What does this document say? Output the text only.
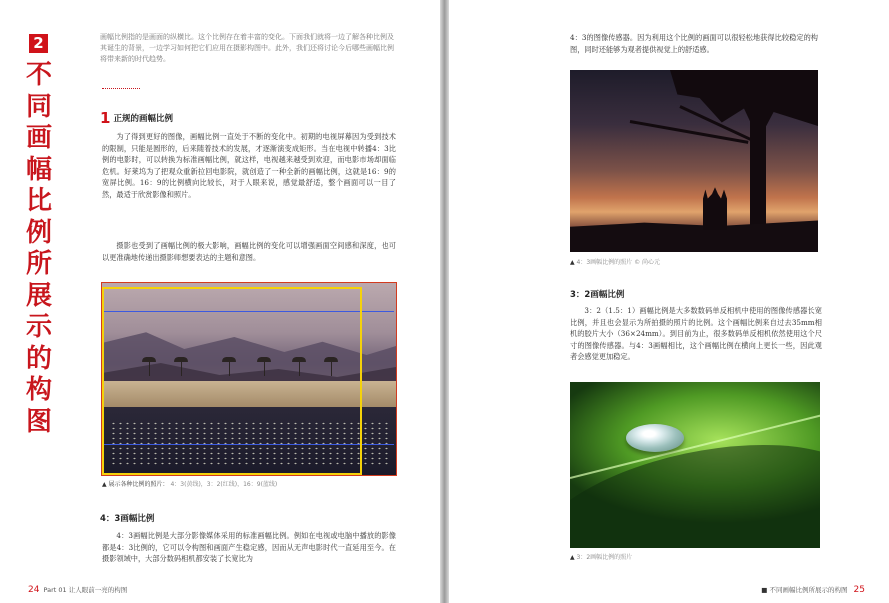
2
不同画幅比例所展示的构图
画幅比例指的是画面的纵横比。这个比例存在着丰富的变化。下面我们就将一边了解各种比例及其诞生的背景，一边学习如何把它们应用在摄影构图中。此外，我们还将讨论今后哪些画幅比例将带来新的时代趋势。
1 正规的画幅比例
为了得到更好的图像，画幅比例一直处于不断的变化中。初期的电视屏幕因为受到技术的限制，只能是圆形的，后来随着技术的发展，才逐渐演变成矩形。当在电视中转播4：3比例的电影时，可以转换为标准画幅比例，就这样，电视越来越受到欢迎，而电影市场却面临危机。好莱坞为了把观众重新拉回电影院，就创造了一种全新的画幅比例，这就是16：9的宽屏比例。16：9的比例横向比较长，对于人眼来说，感觉最舒适，整个画面可以一目了然，最适于欣赏影像和照片。
摄影也受到了画幅比例的极大影响，画幅比例的变化可以增强画面空间感和深度，也可以更准确地传递出摄影师想要表达的主题和意图。
▲ 展示各种比例的照片： 4：3(黄线)，3：2(红线)，16：9(蓝线)
4：3画幅比例
4：3画幅比例是大部分影像媒体采用的标准画幅比例。例如在电视或电脑中播放的影像都是4：3比例的，它可以令构图和画面产生稳定感，因而从无声电影时代一直延用至今。在摄影领域中，大部分数码相机都安装了长宽比为
24 Part 01 让人眼前一亮的构图
4：3的图像传感器。因为利用这个比例的画面可以很轻松地获得比较稳定的构图，同时还能够为观者提供视觉上的舒适感。
▲ 4：3画幅比例的照片 © 尚心元
3：2画幅比例
3：2（1.5：1）画幅比例是大多数数码单反相机中使用的图像传感器长宽比例，并且也会显示为所拍摄的照片的比例。这个画幅比例来自过去35mm相机的胶片大小（36×24mm）。到目前为止，很多数码单反相机依然使用这个尺寸的图像传感器。与4：3画幅相比，这个画幅比例在横向上更长一些，因此观者会感觉更加稳定。
▲ 3：2画幅比例的照片
■ 不同画幅比例所展示的构图 25
